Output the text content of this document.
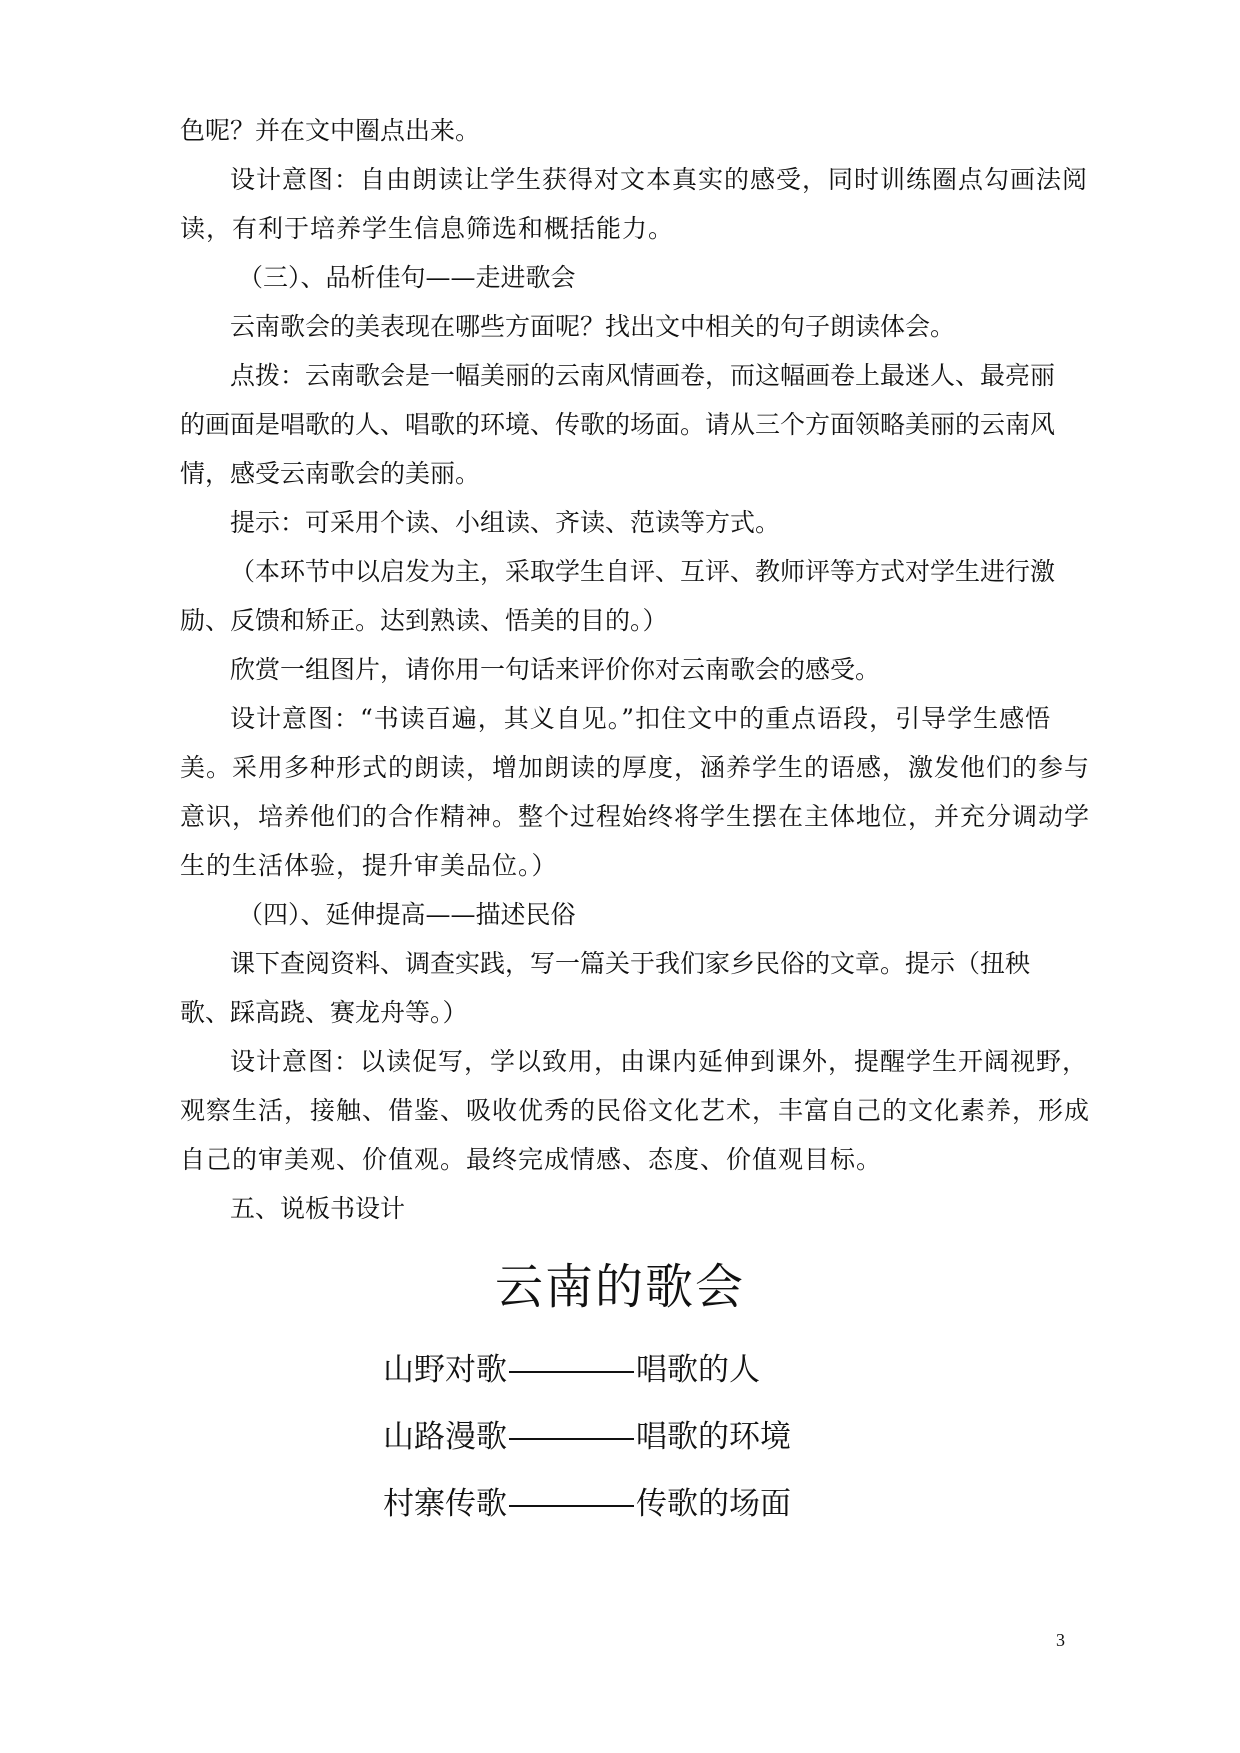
色呢？并在文中圈点出来。
设计意图：自由朗读让学生获得对文本真实的感受，同时训练圈点勾画法阅
读，有利于培养学生信息筛选和概括能力。
（三）、品析佳句——走进歌会
云南歌会的美表现在哪些方面呢？找出文中相关的句子朗读体会。
点拨：云南歌会是一幅美丽的云南风情画卷，而这幅画卷上最迷人、最亮丽
的画面是唱歌的人、唱歌的环境、传歌的场面。请从三个方面领略美丽的云南风
情，感受云南歌会的美丽。
提示：可采用个读、小组读、齐读、范读等方式。
（本环节中以启发为主，采取学生自评、互评、教师评等方式对学生进行激
励、反馈和矫正。达到熟读、悟美的目的。）
欣赏一组图片，请你用一句话来评价你对云南歌会的感受。
设计意图：“书读百遍，其义自见。”扣住文中的重点语段，引导学生感悟
美。采用多种形式的朗读，增加朗读的厚度，涵养学生的语感，激发他们的参与
意识，培养他们的合作精神。整个过程始终将学生摆在主体地位，并充分调动学
生的生活体验，提升审美品位。）
（四）、延伸提高——描述民俗
课下查阅资料、调查实践，写一篇关于我们家乡民俗的文章。提示（扭秧
歌、踩高跷、赛龙舟等。）
设计意图：以读促写，学以致用，由课内延伸到课外，提醒学生开阔视野，
观察生活，接触、借鉴、吸收优秀的民俗文化艺术，丰富自己的文化素养，形成
自己的审美观、价值观。最终完成情感、态度、价值观目标。
五、说板书设计
云南的歌会
山野对歌	唱歌的人
山路漫歌	唱歌的环境
村寨传歌	传歌的场面
3
